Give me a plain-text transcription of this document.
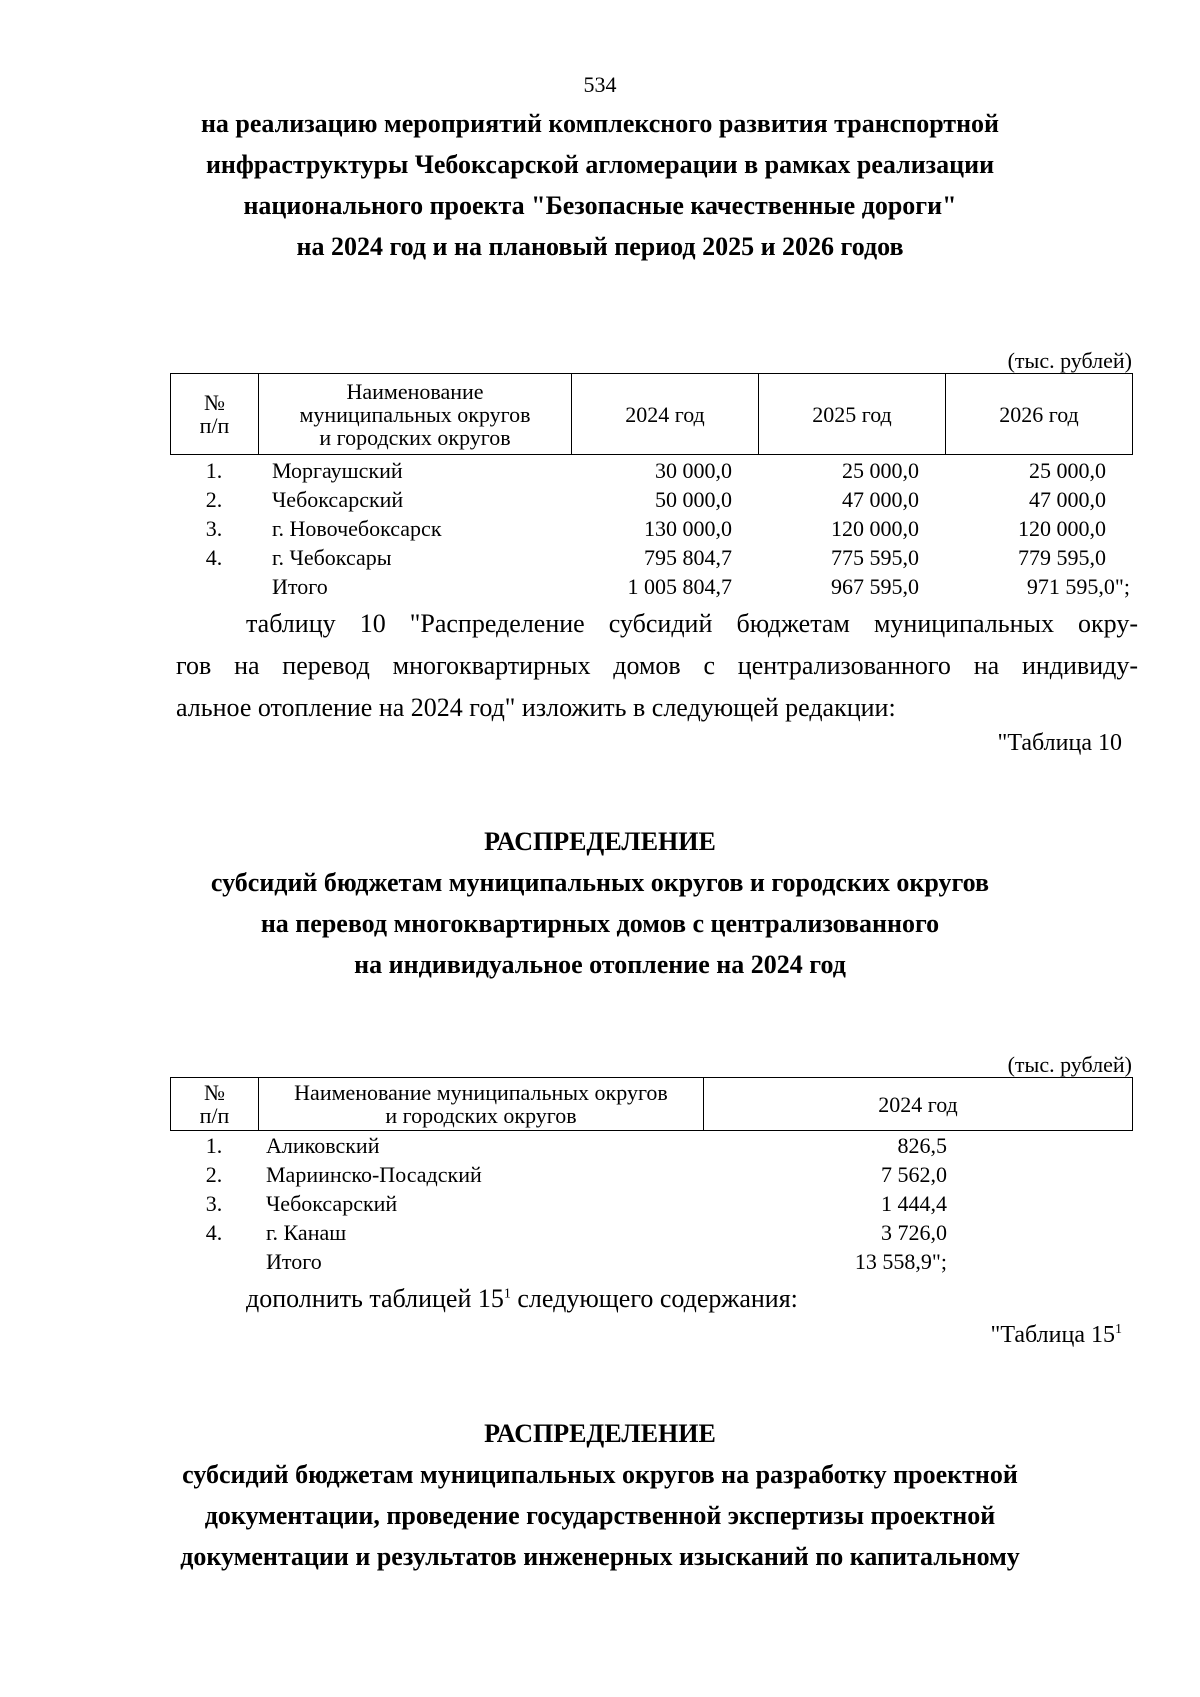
534
на реализацию мероприятий комплексного развития транспортной
инфраструктуры Чебоксарской агломерации в рамках реализации
национального проекта "Безопасные качественные дороги"
на 2024 год и на плановый период 2025 и 2026 годов
(тыс. рублей)
№
п/п

Наименование
муниципальных округов
и городских округов
	2024 год	2025 год	2026 год
1.	Моргаушский	30 000,0	25 000,0	25 000,0
2.	Чебоксарский	50 000,0	47 000,0	47 000,0
3.	г. Новочебоксарск	130 000,0	120 000,0	120 000,0
4.	г. Чебоксары	795 804,7	775 595,0	779 595,0
Итого	1 005 804,7	967 595,0	971 595,0";
таблицу 10 "Распределение субсидий бюджетам муниципальных окру-
гов на перевод многоквартирных домов с централизованного на индивиду-
альное отопление на 2024 год" изложить в следующей редакции:
"Таблица 10
РАСПРЕДЕЛЕНИЕ
субсидий бюджетам муниципальных округов и городских округов
на перевод многоквартирных домов с централизованного
на индивидуальное отопление на 2024 год
(тыс. рублей)
№
п/п

Наименование муниципальных округов
и городских округов	2024 год
1.	Аликовский	826,5
2.	Мариинско-Посадский	7 562,0
3.	Чебоксарский	1 444,4
4.	г. Канаш	3 726,0
Итого	13 558,9";
дополнить таблицей $15^1$ следующего содержания:
"Таблица $15^1$
РАСПРЕДЕЛЕНИЕ
субсидий бюджетам муниципальных округов на разработку проектной
документации, проведение государственной экспертизы проектной
документации и результатов инженерных изысканий по капитальному
